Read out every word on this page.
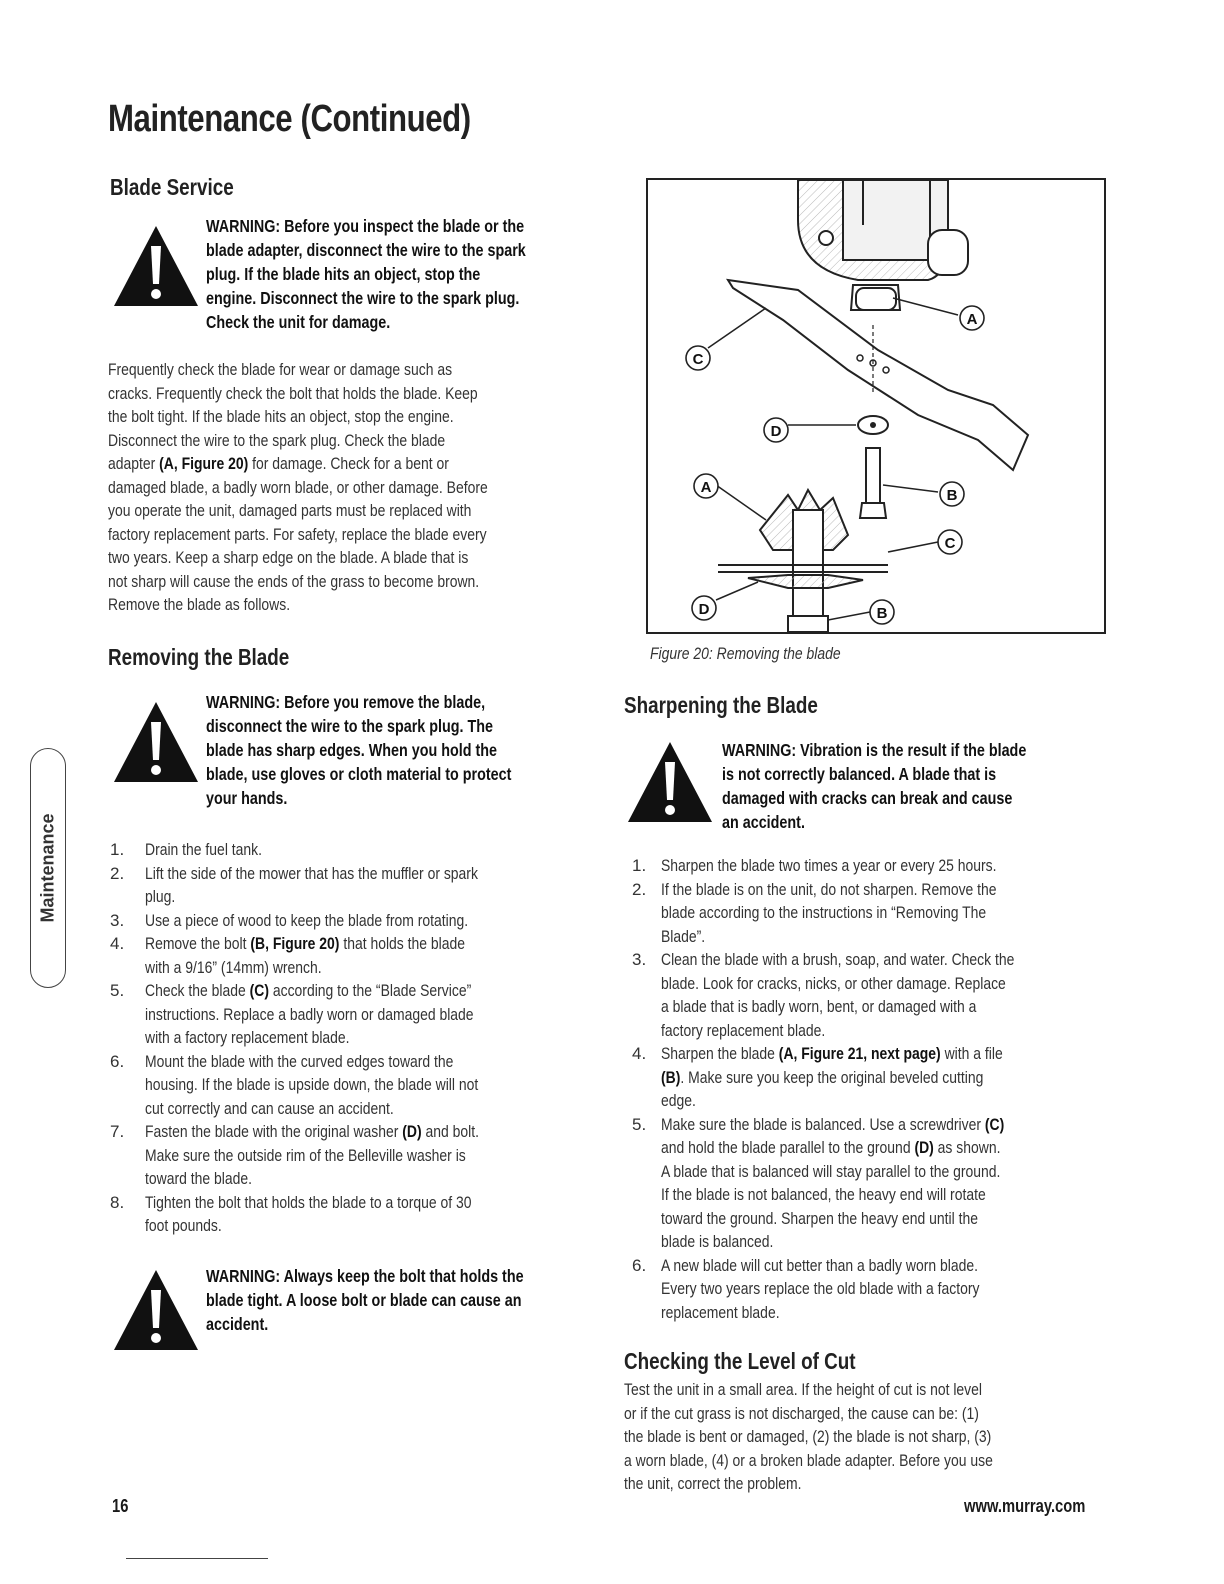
Maintenance (Continued)
Maintenance
Blade Service
WARNING: Before you inspect the blade or the
blade adapter, disconnect the wire to the spark
plug. If the blade hits an object, stop the
engine. Disconnect the wire to the spark plug.
Check the unit for damage.
Frequently check the blade for wear or damage such as
cracks. Frequently check the bolt that holds the blade. Keep
the bolt tight. If the blade hits an object, stop the engine.
Disconnect the wire to the spark plug. Check the blade
adapter (A, Figure 20) for damage. Check for a bent or
damaged blade, a badly worn blade, or other damage. Before
you operate the unit, damaged parts must be replaced with
factory replacement parts. For safety, replace the blade every
two years. Keep a sharp edge on the blade. A blade that is
not sharp will cause the ends of the grass to become brown.
Remove the blade as follows.
Removing the Blade
WARNING: Before you remove the blade,
disconnect the wire to the spark plug. The
blade has sharp edges. When you hold the
blade, use gloves or cloth material to protect
your hands.
1. Drain the fuel tank.
2. Lift the side of the mower that has the muffler or spark
plug.
3. Use a piece of wood to keep the blade from rotating.
4. Remove the bolt (B, Figure 20) that holds the blade
with a 9/16” (14mm) wrench.
5. Check the blade (C) according to the “Blade Service”
instructions. Replace a badly worn or damaged blade
with a factory replacement blade.
6. Mount the blade with the curved edges toward the
housing. If the blade is upside down, the blade will not
cut correctly and can cause an accident.
7. Fasten the blade with the original washer (D) and bolt.
Make sure the outside rim of the Belleville washer is
toward the blade.
8. Tighten the bolt that holds the blade to a torque of 30
foot pounds.
WARNING: Always keep the bolt that holds the
blade tight. A loose bolt or blade can cause an
accident.
A
C
D
B
A
C
D	B
Figure 20: Removing the blade
Sharpening the Blade
WARNING: Vibration is the result if the blade
is not correctly balanced. A blade that is
damaged with cracks can break and cause
an accident.
1. Sharpen the blade two times a year or every 25 hours.
2. If the blade is on the unit, do not sharpen. Remove the
blade according to the instructions in “Removing The
Blade”.
3. Clean the blade with a brush, soap, and water. Check the
blade. Look for cracks, nicks, or other damage. Replace
a blade that is badly worn, bent, or damaged with a
factory replacement blade.
4. Sharpen the blade (A, Figure 21, next page) with a file
(B). Make sure you keep the original beveled cutting
edge.
5. Make sure the blade is balanced. Use a screwdriver (C)
and hold the blade parallel to the ground (D) as shown.
A blade that is balanced will stay parallel to the ground.
If the blade is not balanced, the heavy end will rotate
toward the ground. Sharpen the heavy end until the
blade is balanced.
6. A new blade will cut better than a badly worn blade.
Every two years replace the old blade with a factory
replacement blade.
Checking the Level of Cut
Test the unit in a small area. If the height of cut is not level
or if the cut grass is not discharged, the cause can be: (1)
the blade is bent or damaged, (2) the blade is not sharp, (3)
a worn blade, (4) or a broken blade adapter. Before you use
the unit, correct the problem.
16	www.murray.com
